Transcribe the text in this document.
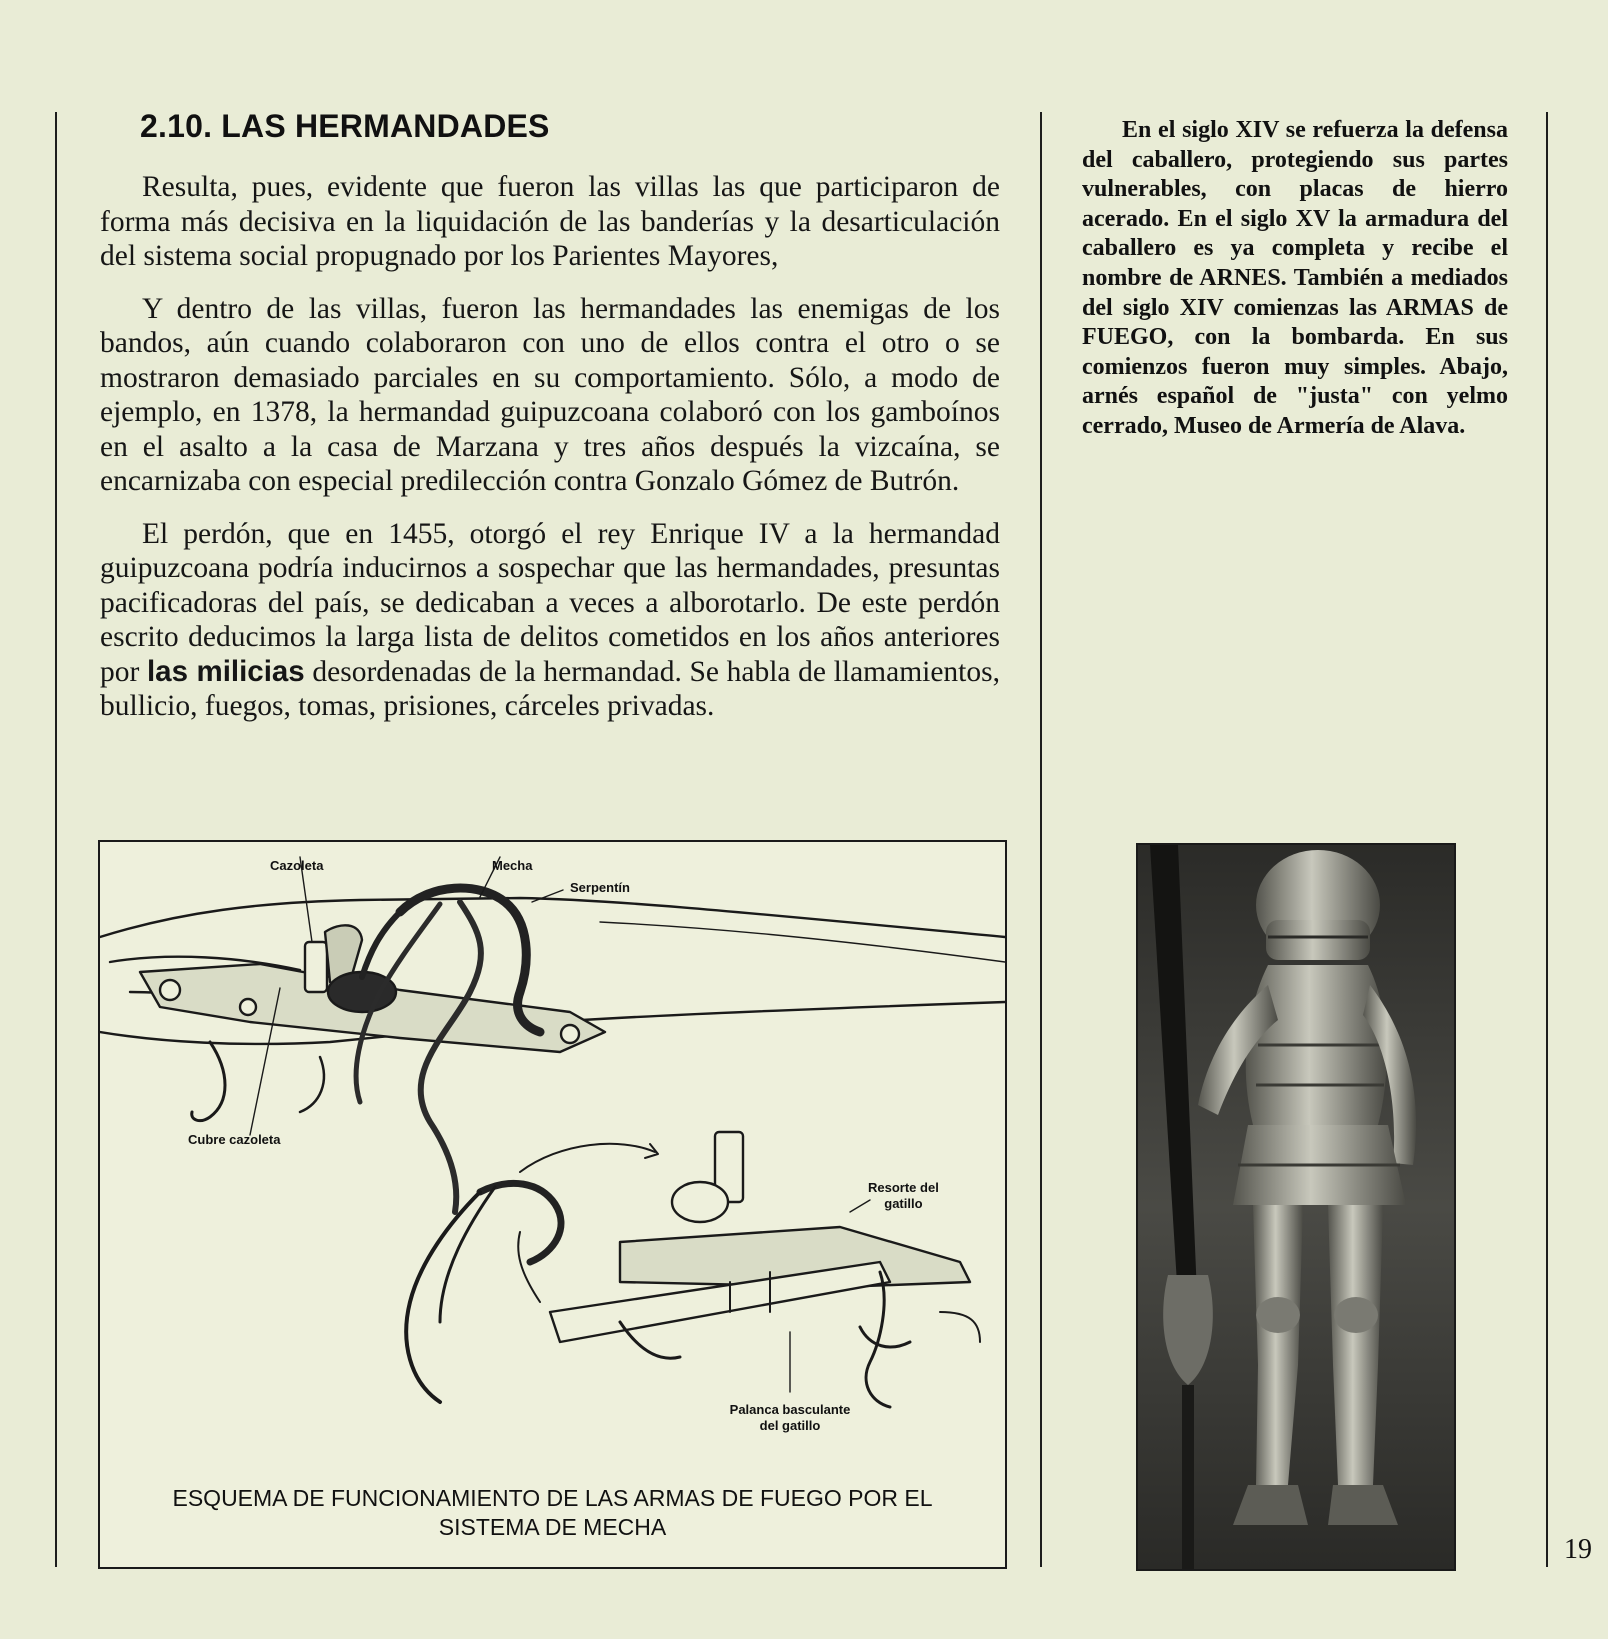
2.10. LAS HERMANDADES

Resulta, pues, evidente que fueron las villas las que participaron de forma más decisiva en la liquidación de las banderías y la desarticulación del sistema social propugnado por los Parientes Mayores,

Y dentro de las villas, fueron las hermandades las enemigas de los bandos, aún cuando colaboraron con uno de ellos contra el otro o se mostraron demasiado parciales en su comportamiento. Sólo, a modo de ejemplo, en 1378, la hermandad guipuzcoana colaboró con los gamboínos en el asalto a la casa de Marzana y tres años después la vizcaína, se encarnizaba con especial predilección contra Gonzalo Gómez de Butrón.

El perdón, que en 1455, otorgó el rey Enrique IV a la hermandad guipuzcoana podría inducirnos a sospechar que las hermandades, presuntas pacificadoras del país, se dedicaban a veces a alborotarlo. De este perdón escrito deducimos la larga lista de delitos cometidos en los años anteriores por las milicias desordenadas de la hermandad. Se habla de llamamientos, bullicio, fuegos, tomas, prisiones, cárceles privadas.

En el siglo XIV se refuerza la defensa del caballero, protegiendo sus partes vulnerables, con placas de hierro acerado. En el siglo XV la armadura del caballero es ya completa y recibe el nombre de ARNES. También a mediados del siglo XIV comienzas las ARMAS de FUEGO, con la bombarda. En sus comienzos fueron muy simples. Abajo, arnés español de "justa" con yelmo cerrado, Museo de Armería de Alava.
Cazoleta	Mecha
Serpentín
Cubre cazoleta
Resorte del
gatillo
Palanca basculante
del gatillo
ESQUEMA DE FUNCIONAMIENTO DE LAS ARMAS DE FUEGO POR EL
SISTEMA DE MECHA
19
